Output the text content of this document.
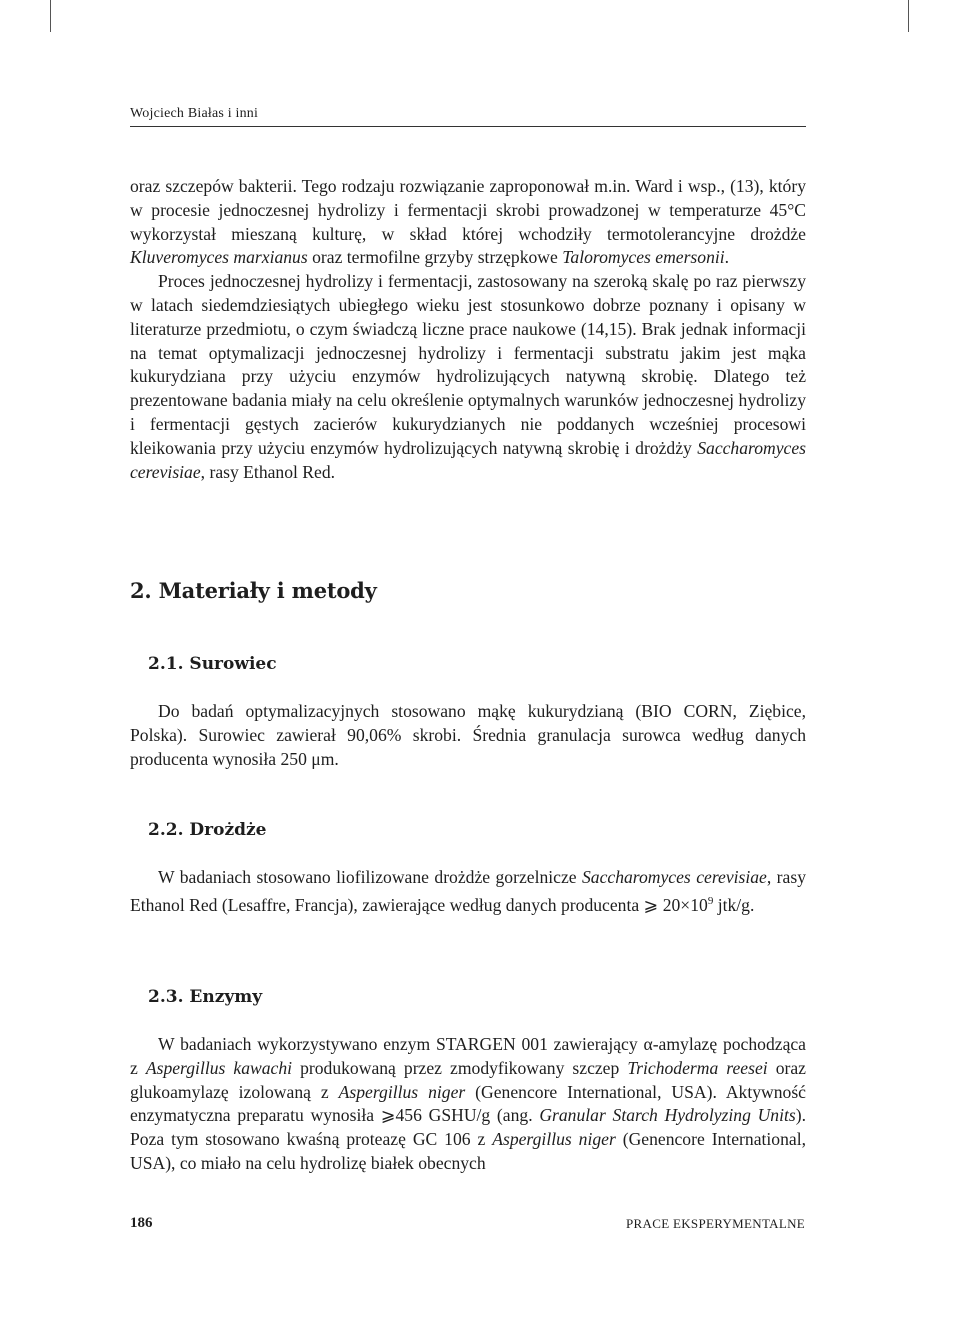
Wojciech Białas i inni

oraz szczepów bakterii. Tego rodzaju rozwiązanie zaproponował m.in. Ward i wsp., (13), który w procesie jednoczesnej hydrolizy i fermentacji skrobi prowadzonej w temperaturze 45°C wykorzystał mieszaną kulturę, w skład której wchodziły termotolerancyjne drożdże Kluveromyces marxianus oraz termofilne grzyby strzępkowe Taloromyces emersonii.

Proces jednoczesnej hydrolizy i fermentacji, zastosowany na szeroką skalę po raz pierwszy w latach siedemdziesiątych ubiegłego wieku jest stosunkowo dobrze poznany i opisany w literaturze przedmiotu, o czym świadczą liczne prace naukowe (14,15). Brak jednak informacji na temat optymalizacji jednoczesnej hydrolizy i fermentacji substratu jakim jest mąka kukurydziana przy użyciu enzymów hydrolizujących natywną skrobię. Dlatego też prezentowane badania miały na celu określenie optymalnych warunków jednoczesnej hydrolizy i fermentacji gęstych zacierów kukurydzianych nie poddanych wcześniej procesowi kleikowania przy użyciu enzymów hydrolizujących natywną skrobię i drożdży Saccharomyces cerevisiae, rasy Ethanol Red.

2. Materiały i metody
2.1. Surowiec

Do badań optymalizacyjnych stosowano mąkę kukurydzianą (BIO CORN, Ziębice, Polska). Surowiec zawierał 90,06% skrobi. Średnia granulacja surowca według danych producenta wynosiła 250 μm.

2.2. Drożdże

W badaniach stosowano liofilizowane drożdże gorzelnicze Saccharomyces cerevisiae, rasy Ethanol Red (Lesaffre, Francja), zawierające według danych producenta ⩾ $20\times 10^9$ jtk/g.

2.3. Enzymy

W badaniach wykorzystywano enzym STARGEN 001 zawierający α-amylazę pochodząca z Aspergillus kawachi produkowaną przez zmodyfikowany szczep Trichoderma reesei oraz glukoamylazę izolowaną z Aspergillus niger (Genencore International, USA). Aktywność enzymatyczna preparatu wynosiła ⩾456 GSHU/g (ang. Granular Starch Hydrolyzing Units). Poza tym stosowano kwaśną proteazę GC 106 z Aspergillus niger (Genencore International, USA), co miało na celu hydrolizę białek obecnych

186	PRACE EKSPERYMENTALNE
